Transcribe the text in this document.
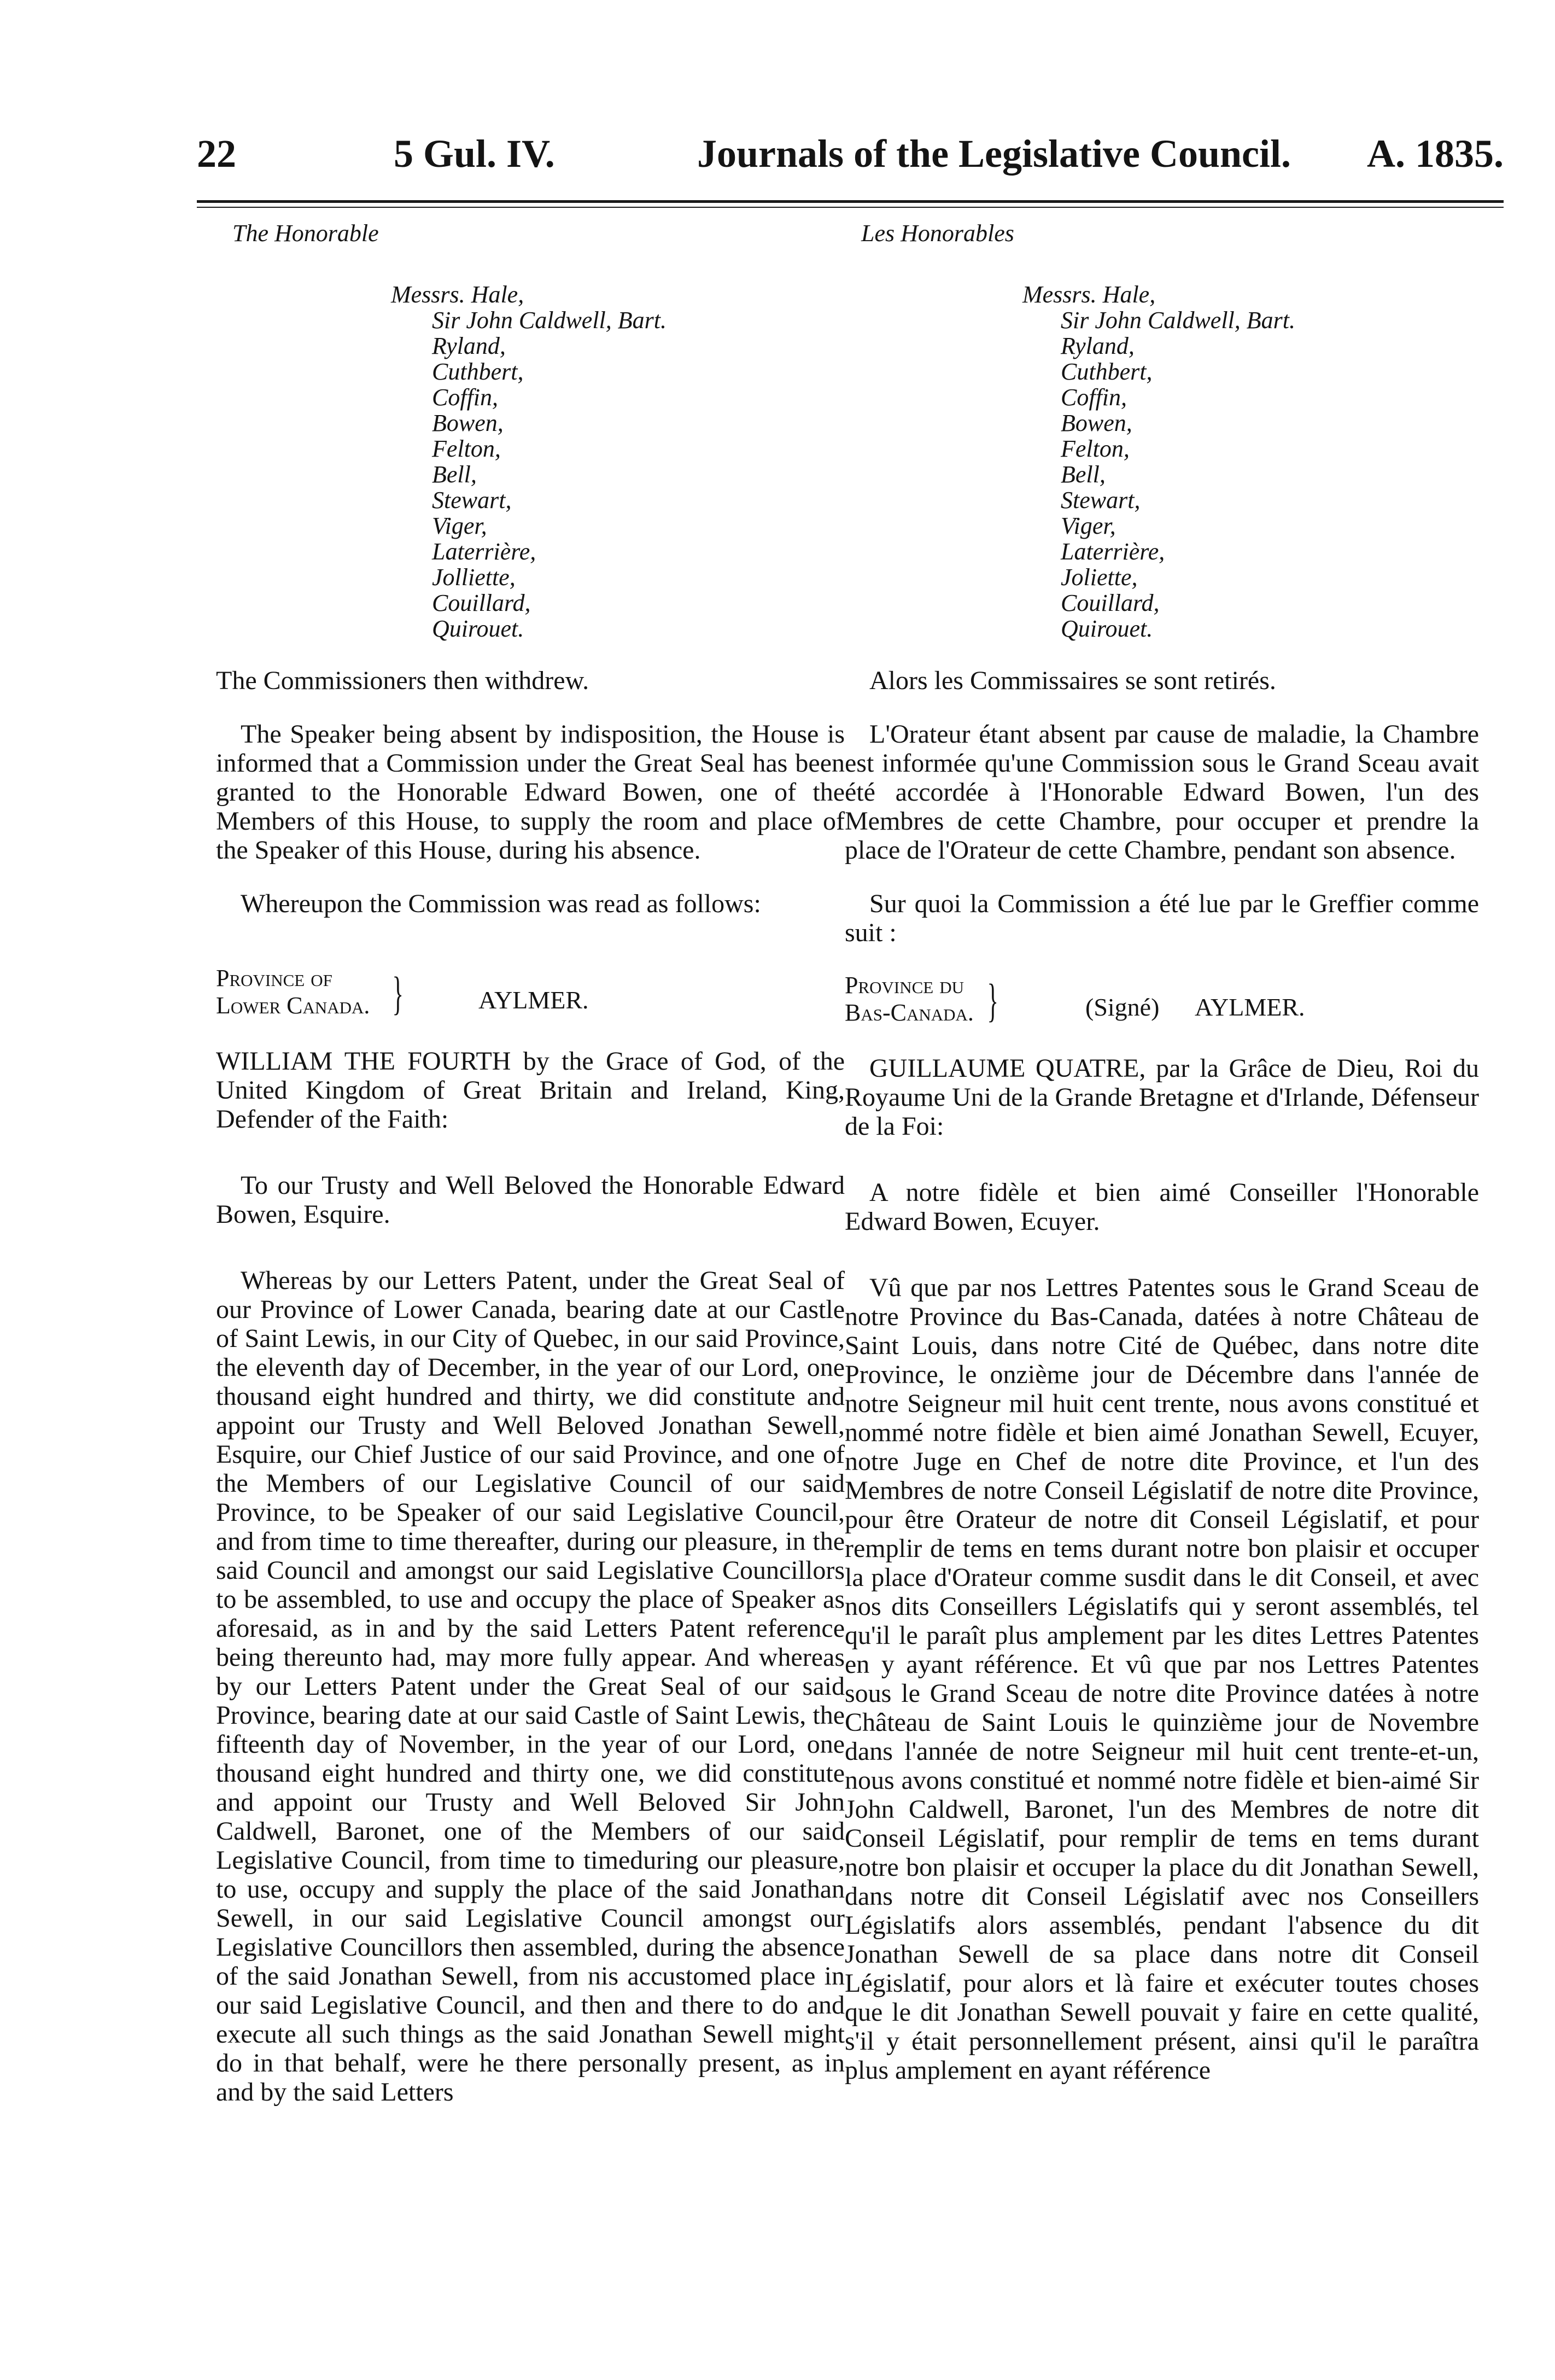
22	5 Gul. IV.	Journals of the Legislative Council. A. 1835.
The Honorable
Messrs. Hale,
Sir John Caldwell, Bart.
Ryland,
Cuthbert,
Coffin,
Bowen,
Felton,
Bell,
Stewart,
Viger,
Laterrière,
Jolliette,
Couillard,
Quirouet.

The Commissioners then withdrew.

The Speaker being absent by indisposition, the House is informed that a Commission under the Great Seal has been granted to the Honorable Edward Bowen, one of the Members of this House, to supply the room and place of the Speaker of this House, during his absence.

Whereupon the Commission was read as follows:

Province of
Lower Canada. }	AYLMER.

WILLIAM THE FOURTH by the Grace of God, of the United Kingdom of Great Britain and Ireland, King, Defender of the Faith:

To our Trusty and Well Beloved the Honorable Edward Bowen, Esquire.

Whereas by our Letters Patent, under the Great Seal of our Province of Lower Canada, bearing date at our Castle of Saint Lewis, in our City of Quebec, in our said Province, the eleventh day of December, in the year of our Lord, one thousand eight hundred and thirty, we did constitute and appoint our Trusty and Well Beloved Jonathan Sewell, Esquire, our Chief Justice of our said Province, and one of the Members of our Legislative Council of our said Province, to be Speaker of our said Legislative Council, and from time to time thereafter, during our pleasure, in the said Council and amongst our said Legislative Councillors to be assembled, to use and occupy the place of Speaker as aforesaid, as in and by the said Letters Patent reference being thereunto had, may more fully appear. And whereas by our Letters Patent under the Great Seal of our said Province, bearing date at our said Castle of Saint Lewis, the fifteenth day of November, in the year of our Lord, one thousand eight hundred and thirty one, we did constitute and appoint our Trusty and Well Beloved Sir John Caldwell, Baronet, one of the Members of our said Legislative Council, from time to timeduring our pleasure, to use, occupy and supply the place of the said Jonathan Sewell, in our said Legislative Council amongst our Legislative Councillors then assembled, during the absence of the said Jonathan Sewell, from nis accustomed place in our said Legislative Council, and then and there to do and execute all such things as the said Jonathan Sewell might do in that behalf, were he there personally present, as in and by the said Letters

Les Honorables
Messrs. Hale,
Sir John Caldwell, Bart.
Ryland,
Cuthbert,
Coffin,
Bowen,
Felton,
Bell,
Stewart,
Viger,
Laterrière,
Joliette,
Couillard,
Quirouet.

Alors les Commissaires se sont retirés.

L'Orateur étant absent par cause de maladie, la Chambre est informée qu'une Commission sous le Grand Sceau avait été accordée à l'Honorable Edward Bowen, l'un des Membres de cette Chambre, pour occuper et prendre la place de l'Orateur de cette Chambre, pendant son absence.

Sur quoi la Commission a été lue par le Greffier comme suit :

Province du
Bas-Canada. }	(Signé) AYLMER.

GUILLAUME QUATRE, par la Grâce de Dieu, Roi du Royaume Uni de la Grande Bretagne et d'Irlande, Défenseur de la Foi:

A notre fidèle et bien aimé Conseiller l'Honorable Edward Bowen, Ecuyer.

Vû que par nos Lettres Patentes sous le Grand Sceau de notre Province du Bas-Canada, datées à notre Château de Saint Louis, dans notre Cité de Québec, dans notre dite Province, le onzième jour de Décembre dans l'année de notre Seigneur mil huit cent trente, nous avons constitué et nommé notre fidèle et bien aimé Jonathan Sewell, Ecuyer, notre Juge en Chef de notre dite Province, et l'un des Membres de notre Conseil Législatif de notre dite Province, pour être Orateur de notre dit Conseil Législatif, et pour remplir de tems en tems durant notre bon plaisir et occuper la place d'Orateur comme susdit dans le dit Conseil, et avec nos dits Conseillers Législatifs qui y seront assemblés, tel qu'il le paraît plus amplement par les dites Lettres Patentes en y ayant référence. Et vû que par nos Lettres Patentes sous le Grand Sceau de notre dite Province datées à notre Château de Saint Louis le quinzième jour de Novembre dans l'année de notre Seigneur mil huit cent trente-et-un, nous avons constitué et nommé notre fidèle et bien-aimé Sir John Caldwell, Baronet, l'un des Membres de notre dit Conseil Législatif, pour remplir de tems en tems durant notre bon plaisir et occuper la place du dit Jonathan Sewell, dans notre dit Conseil Législatif avec nos Conseillers Législatifs alors assemblés, pendant l'absence du dit Jonathan Sewell de sa place dans notre dit Conseil Législatif, pour alors et là faire et exécuter toutes choses que le dit Jonathan Sewell pouvait y faire en cette qualité, s'il y était personnellement présent, ainsi qu'il le paraîtra plus amplement en ayant référence
